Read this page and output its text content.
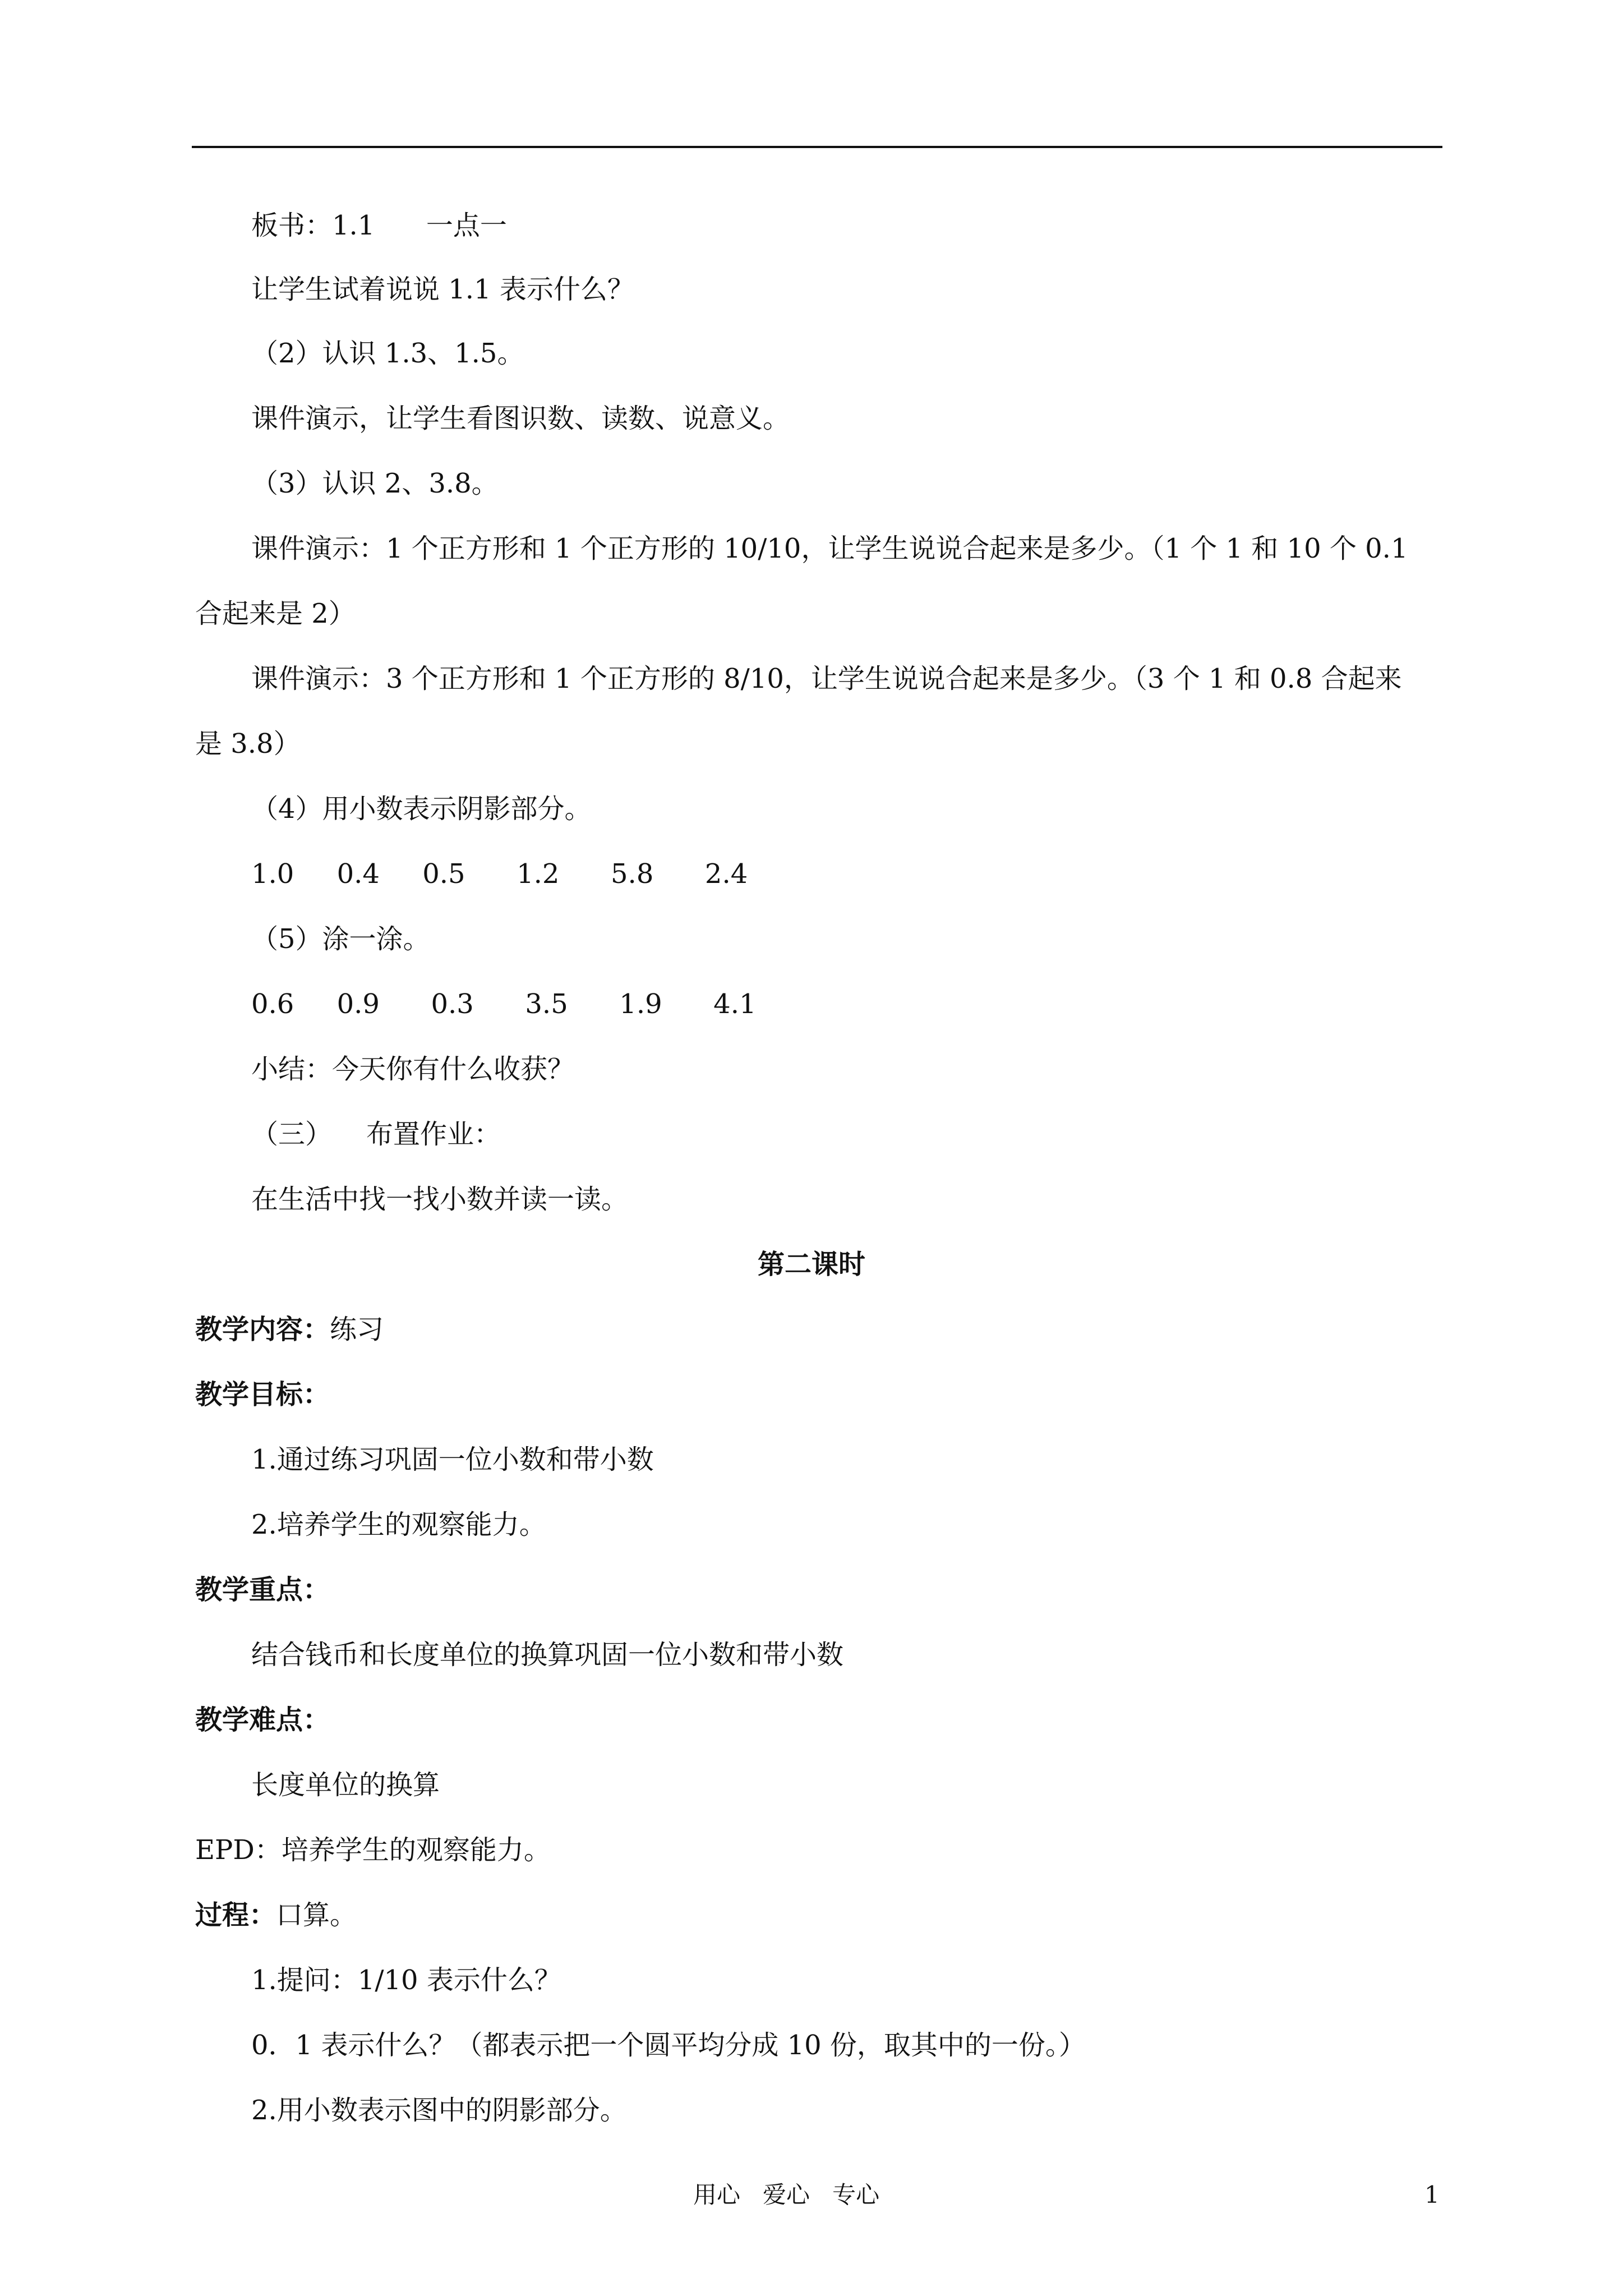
板书：1.1      一点一
让学生试着说说 1.1 表示什么？
（2）认识 1.3、1.5。
课件演示，让学生看图识数、读数、说意义。
（3）认识 2、3.8。
课件演示：1 个正方形和 1 个正方形的 10/10，让学生说说合起来是多少。（1 个 1 和 10 个 0.1
合起来是 2）
课件演示：3 个正方形和 1 个正方形的 8/10，让学生说说合起来是多少。（3 个 1 和 0.8 合起来
是 3.8）
（4）用小数表示阴影部分。
1.0     0.4     0.5      1.2      5.8      2.4
（5）涂一涂。
0.6     0.9      0.3      3.5      1.9      4.1
小结：今天你有什么收获？
（三）    布置作业：
在生活中找一找小数并读一读。
第二课时
教学内容：练习
教学目标：
1.通过练习巩固一位小数和带小数
2.培养学生的观察能力。
教学重点：
结合钱币和长度单位的换算巩固一位小数和带小数
教学难点：
长度单位的换算
EPD：培养学生的观察能力。
过程：口算。
1.提问：1/10 表示什么？
0．1 表示什么？（都表示把一个圆平均分成 10 份，取其中的一份。）
2.用小数表示图中的阴影部分。
用心   爱心   专心	1
